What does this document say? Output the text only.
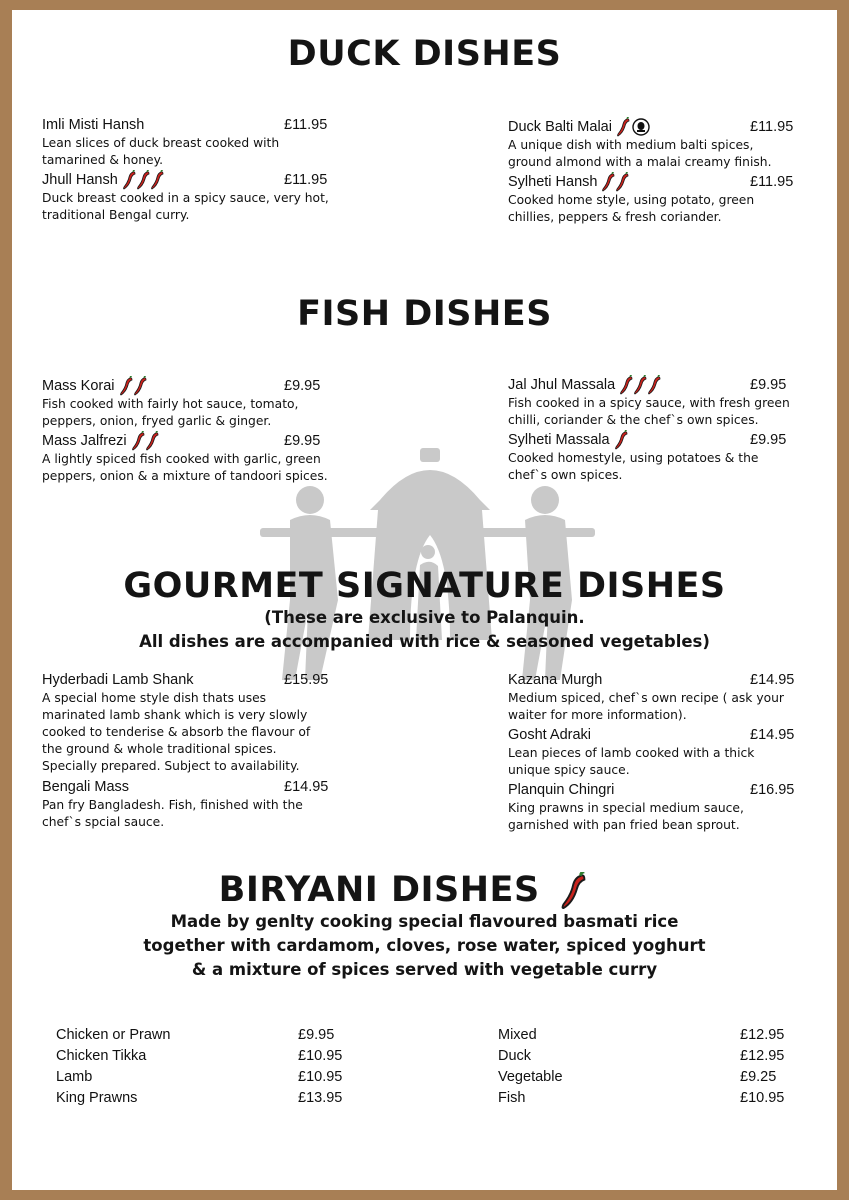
DUCK DISHES
Imli Misti Hansh	£11.95
Lean slices of duck breast cooked with
tamarined & honey.
Jhull Hansh	£11.95
Duck breast cooked in a spicy sauce, very hot,
traditional Bengal curry.
Duck Balti Malai	£11.95
A unique dish with medium balti spices,
ground almond with a malai creamy finish.
Sylheti Hansh	£11.95
Cooked home style, using potato, green
chillies, peppers & fresh coriander.
FISH DISHES
Mass Korai	£9.95
Fish cooked with fairly hot sauce, tomato,
peppers, onion, fryed garlic & ginger.
Mass Jalfrezi	£9.95
A lightly spiced fish cooked with garlic, green
peppers, onion & a mixture of tandoori spices.
Jal Jhul Massala	£9.95
Fish cooked in a spicy sauce, with fresh green
chilli, coriander & the chef`s own spices.
Sylheti Massala	£9.95
Cooked homestyle, using potatoes & the
chef`s own spices.
GOURMET SIGNATURE DISHES
(These are exclusive to Palanquin.
All dishes are accompanied with rice & seasoned vegetables)
Hyderbadi Lamb Shank	£15.95
A special home style dish thats uses
marinated lamb shank which is very slowly
cooked to tenderise & absorb the flavour of
the ground & whole traditional spices.
Specially prepared. Subject to availability.
Bengali Mass	£14.95
Pan fry Bangladesh. Fish, finished with the
chef`s spcial sauce.
Kazana Murgh	£14.95
Medium spiced, chef`s own recipe ( ask your
waiter for more information).
Gosht Adraki	£14.95
Lean pieces of lamb cooked with a thick
unique spicy sauce.
Planquin Chingri	£16.95
King prawns in special medium sauce,
garnished with pan fried bean sprout.
BIRYANI DISHES
Made by genlty cooking special flavoured basmati rice
together with cardamom, cloves, rose water, spiced yoghurt
& a mixture of spices served with vegetable curry
Chicken or Prawn	£9.95
Chicken Tikka	£10.95
Lamb	£10.95
King Prawns	£13.95
Mixed	£12.95
Duck	£12.95
Vegetable	£9.25
Fish	£10.95
